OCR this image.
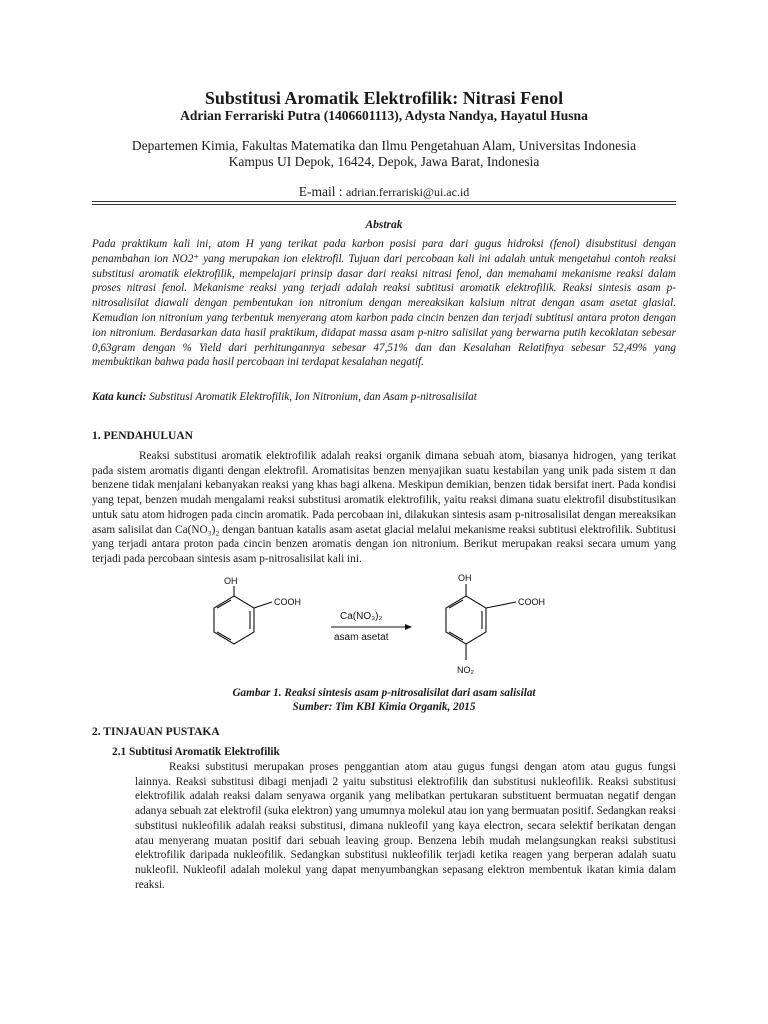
Substitusi Aromatik Elektrofilik: Nitrasi Fenol
Adrian Ferrariski Putra (1406601113), Adysta Nandya, Hayatul Husna
Departemen Kimia, Fakultas Matematika dan Ilmu Pengetahuan Alam, Universitas Indonesia
Kampus UI Depok, 16424, Depok, Jawa Barat, Indonesia
E-mail : adrian.ferrariski@ui.ac.id
Abstrak

Pada praktikum kali ini, atom H yang terikat pada karbon posisi para dari gugus hidroksi (fenol) disubstitusi dengan penambahan ion NO2⁺ yang merupakan ion elektrofil. Tujuan dari percobaan kali ini adalah untuk mengetahui contoh reaksi substitusi aromatik elektrofilik, mempelajari prinsip dasar dari reaksi nitrasi fenol, dan memahami mekanisme reaksi dalam proses nitrasi fenol. Mekanisme reaksi yang terjadi adalah reaksi subtitusi aromatik elektrofilik. Reaksi sintesis asam p-nitrosalisilat diawali dengan pembentukan ion nitronium dengan mereaksikan kalsium nitrat dengan asam asetat glasial. Kemudian ion nitronium yang terbentuk menyerang atom karbon pada cincin benzen dan terjadi subtitusi antara proton dengan ion nitronium. Berdasarkan data hasil praktikum, didapat massa asam p-nitro salisilat yang berwarna putih kecoklatan sebesar 0,63gram dengan % Yield dari perhitungannya sebesar 47,51% dan dan Kesalahan Relatifnya sebesar 52,49% yang membuktikan bahwa pada hasil percobaan ini terdapat kesalahan negatif.

Kata kunci: Substitusi Aromatik Elektrofilik, Ion Nitronium, dan Asam p-nitrosalisilat

1. PENDAHULUAN

Reaksi substitusi aromatik elektrofilik adalah reaksi organik dimana sebuah atom, biasanya hidrogen, yang terikat pada sistem aromatis diganti dengan elektrofil. Aromatisitas benzen menyajikan suatu kestabilan yang unik pada sistem π dan benzene tidak menjalani kebanyakan reaksi yang khas bagi alkena. Meskipun demikian, benzen tidak bersifat inert. Pada kondisi yang tepat, benzen mudah mengalami reaksi substitusi aromatik elektrofilik, yaitu reaksi dimana suatu elektrofil disubstitusikan untuk satu atom hidrogen pada cincin aromatik. Pada percobaan ini, dilakukan sintesis asam p-nitrosalisilat dengan mereaksikan asam salisilat dan Ca(NO₃)₂ dengan bantuan katalis asam asetat glacial melalui mekanisme reaksi subtitusi elektrofilik. Subtitusi yang terjadi antara proton pada cincin benzen aromatis dengan ion nitronium. Berikut merupakan reaksi secara umum yang terjadi pada percobaan sintesis asam p-nitrosalisilat kali ini.

OH
COOH
Ca(NO₃)₂
asam asetat
OH
COOH
NO₂
Gambar 1. Reaksi sintesis asam p-nitrosalisilat dari asam salisilat
Sumber: Tim KBI Kimia Organik, 2015

2. TINJAUAN PUSTAKA

2.1 Subtitusi Aromatik Elektrofilik

Reaksi substitusi merupakan proses penggantian atom atau gugus fungsi dengan atom atau gugus fungsi lainnya. Reaksi substitusi dibagi menjadi 2 yaitu substitusi elektrofilik dan substitusi nukleofilik. Reaksi substitusi elektrofilik adalah reaksi dalam senyawa organik yang melibatkan pertukaran substituent bermuatan negatif dengan adanya sebuah zat elektrofil (suka elektron) yang umumnya molekul atau ion yang bermuatan positif. Sedangkan reaksi substitusi nukleofilik adalah reaksi substitusi, dimana nukleofil yang kaya electron, secara selektif berikatan dengan atau menyerang muatan positif dari sebuah leaving group. Benzena lebih mudah melangsungkan reaksi substitusi elektrofilik daripada nukleofilik. Sedangkan substitusi nukleofilik terjadi ketika reagen yang berperan adalah suatu nukleofil. Nukleofil adalah molekul yang dapat menyumbangkan sepasang elektron membentuk ikatan kimia dalam reaksi.
